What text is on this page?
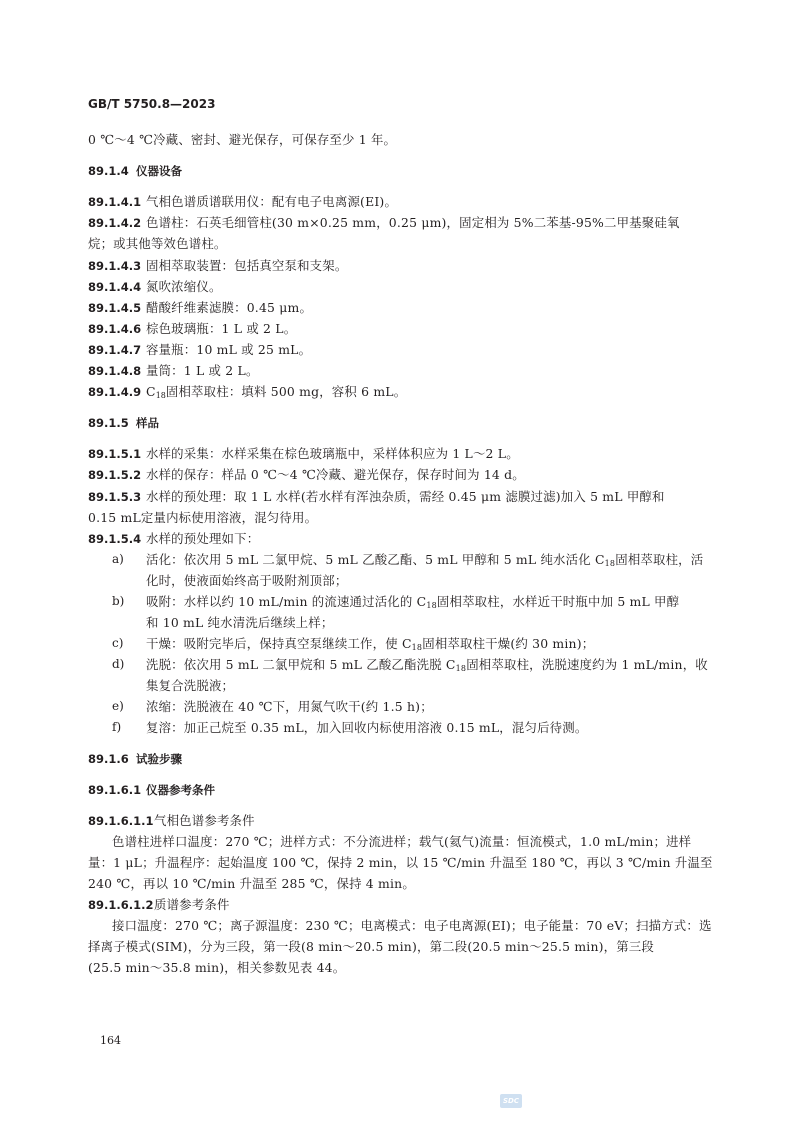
GB/T 5750.8—2023
0 ℃～4 ℃冷藏、密封、避光保存，可保存至少 1 年。
89.1.4 仪器设备
89.1.4.1 气相色谱质谱联用仪：配有电子电离源(EI)。
89.1.4.2 色谱柱：石英毛细管柱(30 m×0.25 mm，0.25 μm)，固定相为 5%二苯基-95%二甲基聚硅氧
烷；或其他等效色谱柱。
89.1.4.3 固相萃取装置：包括真空泵和支架。
89.1.4.4 氮吹浓缩仪。
89.1.4.5 醋酸纤维素滤膜：0.45 μm。
89.1.4.6 棕色玻璃瓶：1 L 或 2 L。
89.1.4.7 容量瓶：10 mL 或 25 mL。
89.1.4.8 量筒：1 L 或 2 L。
89.1.4.9 $C_{18}$固相萃取柱：填料 500 mg，容积 6 mL。
89.1.5 样品
89.1.5.1 水样的采集：水样采集在棕色玻璃瓶中，采样体积应为 1 L～2 L。
89.1.5.2 水样的保存：样品 0 ℃～4 ℃冷藏、避光保存，保存时间为 14 d。
89.1.5.3 水样的预处理：取 1 L 水样(若水样有浑浊杂质，需经 0.45 μm 滤膜过滤)加入 5 mL 甲醇和
0.15 mL定量内标使用溶液，混匀待用。
89.1.5.4 水样的预处理如下：
a) 活化：依次用 5 mL 二氯甲烷、5 mL 乙酸乙酯、5 mL 甲醇和 5 mL 纯水活化 $C_{18}$固相萃取柱，活
化时，使液面始终高于吸附剂顶部；
b) 吸附：水样以约 10 mL/min 的流速通过活化的 $C_{18}$固相萃取柱，水样近干时瓶中加 5 mL 甲醇
和 10 mL 纯水清洗后继续上样；
c) 干燥：吸附完毕后，保持真空泵继续工作，使 $C_{18}$固相萃取柱干燥(约 30 min)；
d) 洗脱：依次用 5 mL 二氯甲烷和 5 mL 乙酸乙酯洗脱 $C_{18}$固相萃取柱，洗脱速度约为 1 mL/min，收
集复合洗脱液；
e) 浓缩：洗脱液在 40 ℃下，用氮气吹干(约 1.5 h)；
f) 复溶：加正己烷至 0.35 mL，加入回收内标使用溶液 0.15 mL，混匀后待测。
89.1.6 试验步骤
89.1.6.1 仪器参考条件
89.1.6.1.1气相色谱参考条件
色谱柱进样口温度：270 ℃；进样方式：不分流进样；载气(氦气)流量：恒流模式，1.0 mL/min；进样
量：1 μL；升温程序：起始温度 100 ℃，保持 2 min，以 15 ℃/min 升温至 180 ℃，再以 3 ℃/min 升温至
240 ℃，再以 10 ℃/min 升温至 285 ℃，保持 4 min。
89.1.6.1.2质谱参考条件
接口温度：270 ℃；离子源温度：230 ℃；电离模式：电子电离源(EI)；电子能量：70 eV；扫描方式：选
择离子模式(SIM)，分为三段，第一段(8 min～20.5 min)，第二段(20.5 min～25.5 min)，第三段
(25.5 min～35.8 min)，相关参数见表 44。
164
SDC
